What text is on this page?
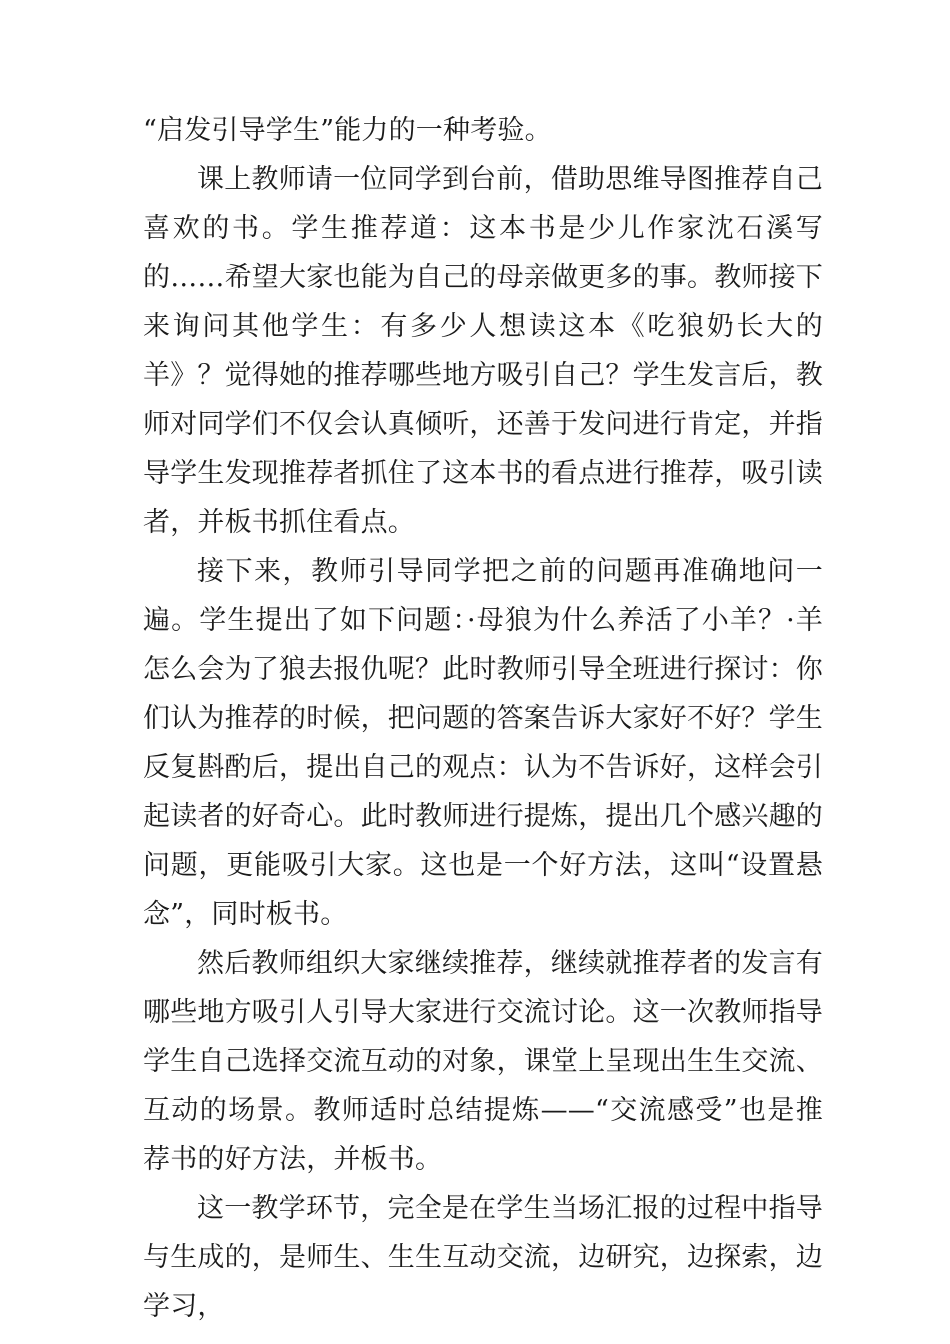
“启发引导学生”能力的一种考验。

课上教师请一位同学到台前，借助思维导图推荐自己喜欢的书。学生推荐道：这本书是少儿作家沈石溪写的……希望大家也能为自己的母亲做更多的事。教师接下来询问其他学生：有多少人想读这本《吃狼奶长大的羊》？觉得她的推荐哪些地方吸引自己？学生发言后，教师对同学们不仅会认真倾听，还善于发问进行肯定，并指导学生发现推荐者抓住了这本书的看点进行推荐，吸引读者，并板书抓住看点。

接下来，教师引导同学把之前的问题再准确地问一遍。学生提出了如下问题：·母狼为什么养活了小羊？·羊怎么会为了狼去报仇呢？此时教师引导全班进行探讨：你们认为推荐的时候，把问题的答案告诉大家好不好？学生反复斟酌后，提出自己的观点：认为不告诉好，这样会引起读者的好奇心。此时教师进行提炼，提出几个感兴趣的问题，更能吸引大家。这也是一个好方法，这叫“设置悬念”，同时板书。

然后教师组织大家继续推荐，继续就推荐者的发言有哪些地方吸引人引导大家进行交流讨论。这一次教师指导学生自己选择交流互动的对象，课堂上呈现出生生交流、互动的场景。教师适时总结提炼——“交流感受”也是推荐书的好方法，并板书。

这一教学环节，完全是在学生当场汇报的过程中指导与生成的，是师生、生生互动交流，边研究，边探索，边学习，
